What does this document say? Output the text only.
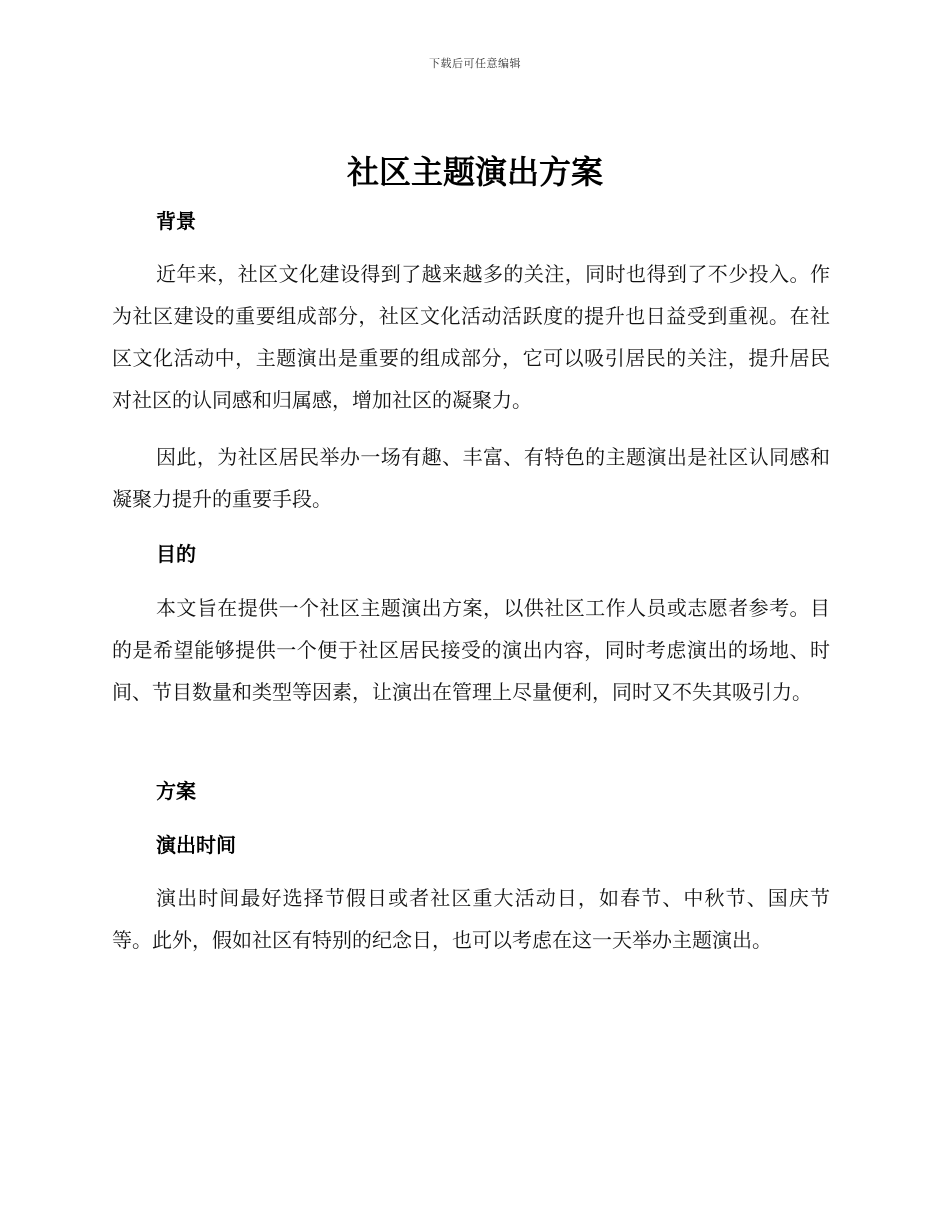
下载后可任意编辑
社区主题演出方案
背景

近年来，社区文化建设得到了越来越多的关注，同时也得到了不少投入。作为社区建设的重要组成部分，社区文化活动活跃度的提升也日益受到重视。在社区文化活动中，主题演出是重要的组成部分，它可以吸引居民的关注，提升居民对社区的认同感和归属感，增加社区的凝聚力。

因此，为社区居民举办一场有趣、丰富、有特色的主题演出是社区认同感和凝聚力提升的重要手段。

目的

本文旨在提供一个社区主题演出方案，以供社区工作人员或志愿者参考。目的是希望能够提供一个便于社区居民接受的演出内容，同时考虑演出的场地、时间、节目数量和类型等因素，让演出在管理上尽量便利，同时又不失其吸引力。

方案
演出时间

演出时间最好选择节假日或者社区重大活动日，如春节、中秋节、国庆节等。此外，假如社区有特别的纪念日，也可以考虑在这一天举办主题演出。
